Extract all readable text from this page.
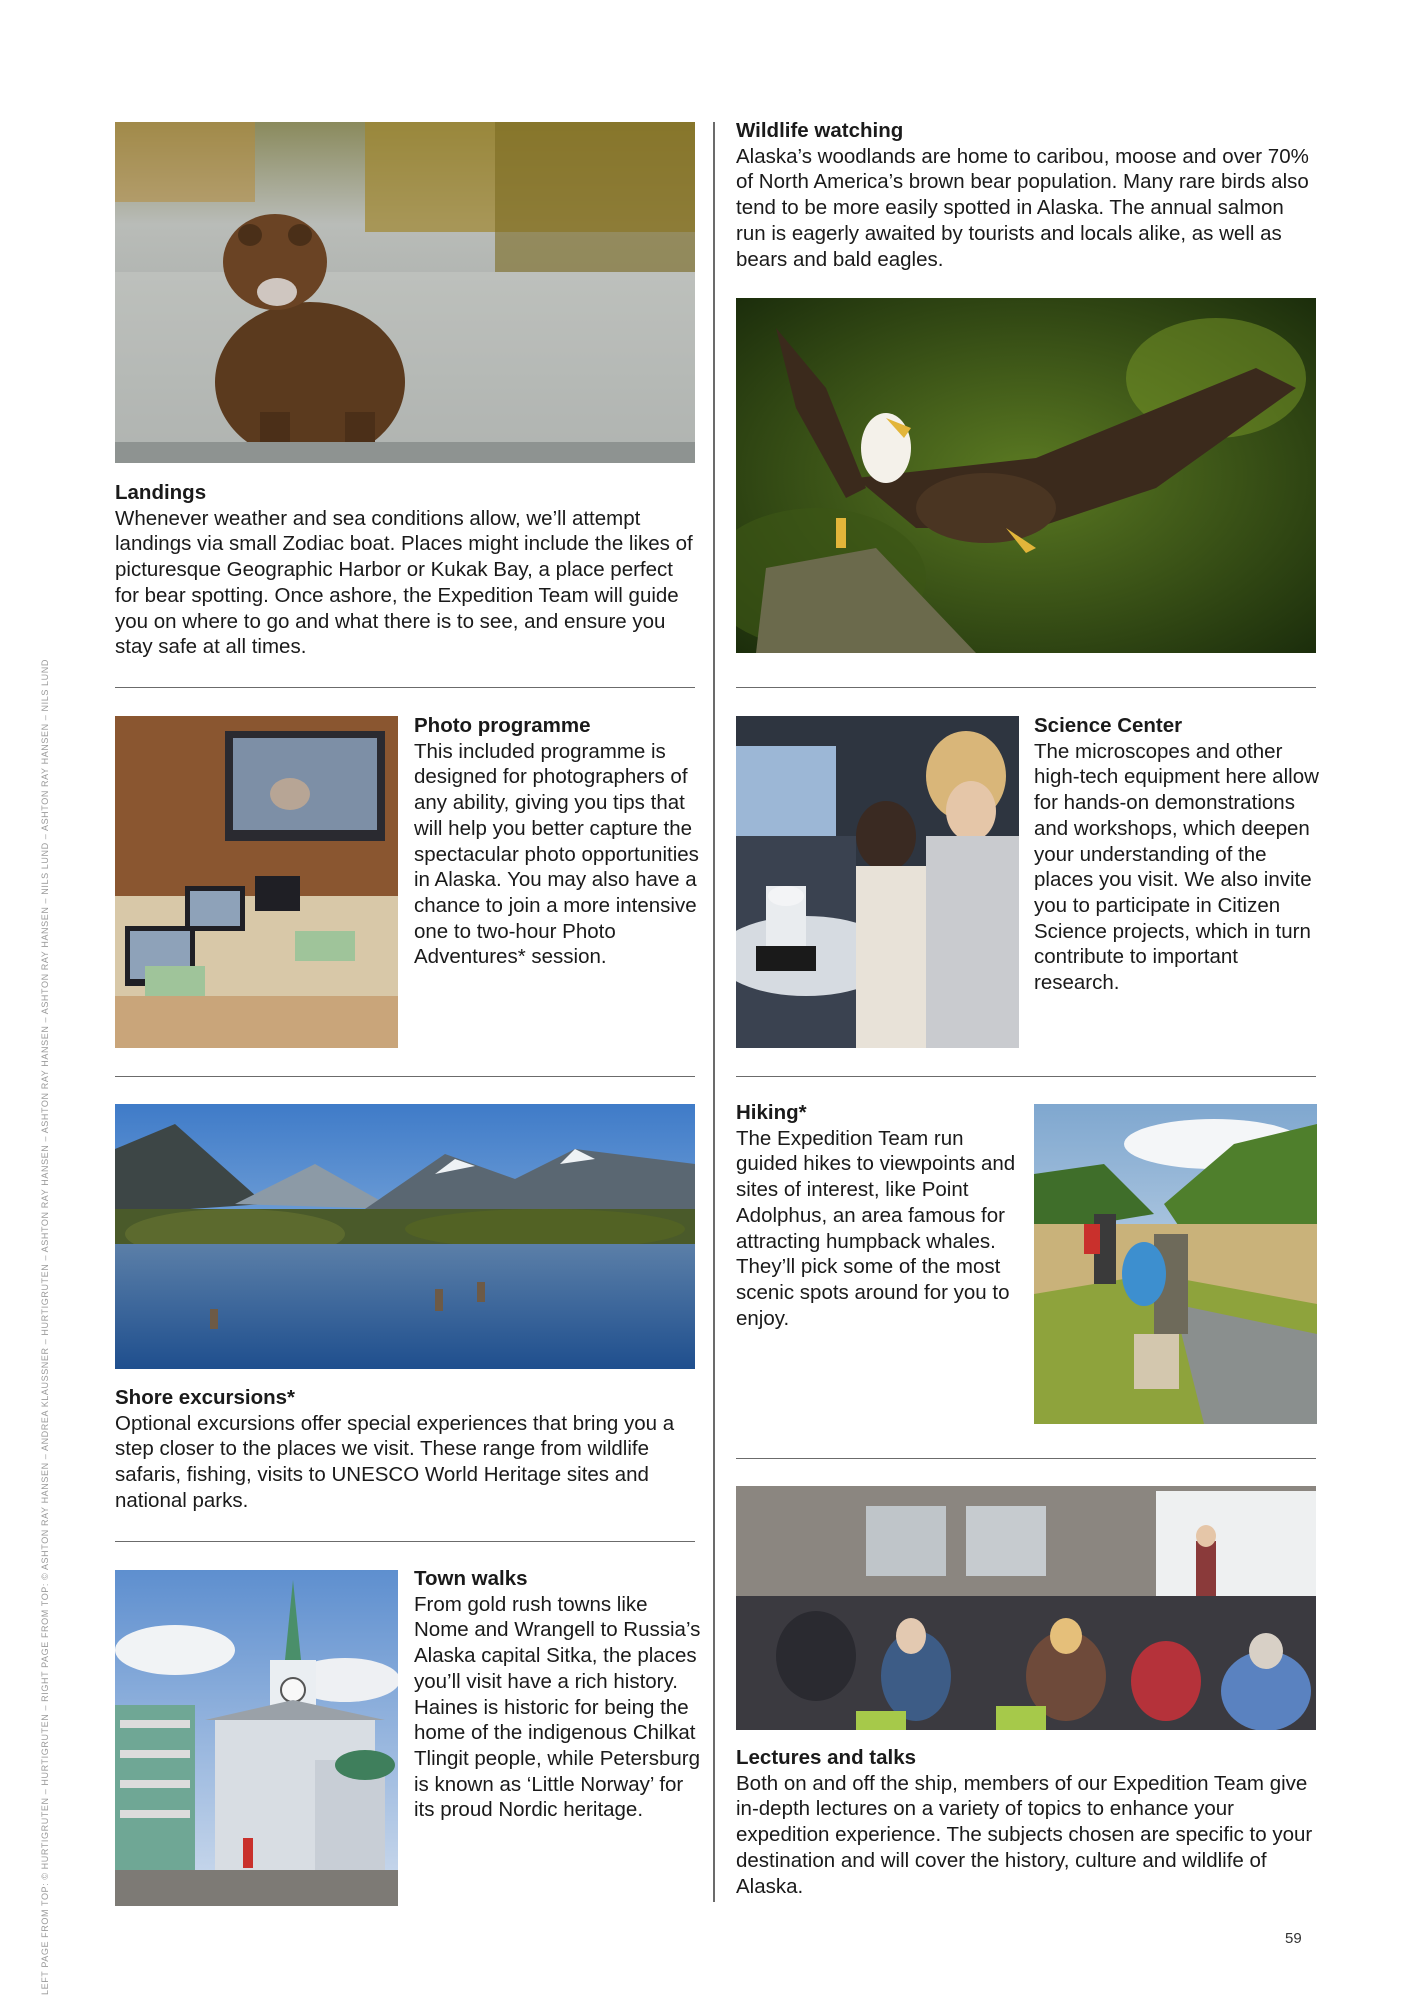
LEFT PAGE FROM TOP: © HURTIGRUTEN – HURTIGRUTEN – RIGHT PAGE FROM TOP: © ASHTON RAY HANSEN – ANDREA KLAUSSNER – HURTIGRUTEN – ASHTON RAY HANSEN – ASHTON RAY HANSEN – ASHTON RAY HANSEN – NILS LUND – ASHTON RAY HANSEN – NILS LUND
Landings

Whenever weather and sea conditions allow, we’ll attempt landings via small Zodiac boat. Places might include the likes of picturesque Geographic Harbor or Kukak Bay, a place perfect for bear spotting. Once ashore, the Expedition Team will guide you on where to go and what there is to see, and ensure you stay safe at all times.

Photo programme

This included programme is designed for photographers of any ability, giving you tips that will help you better capture the spectacular photo opportunities in Alaska. You may also have a chance to join a more intensive one to two-hour Photo Adventures* session.

Shore excursions*

Optional excursions offer special experiences that bring you a step closer to the places we visit. These range from wildlife safaris, fishing, visits to UNESCO World Heritage sites and national parks.

Town walks

From gold rush towns like Nome and Wrangell to Russia’s Alaska capital Sitka, the places you’ll visit have a rich history. Haines is historic for being the home of the indigenous Chilkat Tlingit people, while Petersburg is known as ‘Little Norway’ for its proud Nordic heritage.

Wildlife watching

Alaska’s woodlands are home to caribou, moose and over 70% of North America’s brown bear population. Many rare birds also tend to be more easily spotted in Alaska. The annual salmon run is eagerly awaited by tourists and locals alike, as well as bears and bald eagles.

Science Center

The microscopes and other high-tech equipment here allow for hands-on demonstrations and workshops, which deepen your understanding of the places you visit. We also invite you to participate in Citizen Science projects, which in turn contribute to important research.

Hiking*

The Expedition Team run guided hikes to viewpoints and sites of interest, like Point Adolphus, an area famous for attracting humpback whales. They’ll pick some of the most scenic spots around for you to enjoy.

Lectures and talks

Both on and off the ship, members of our Expedition Team give in-depth lectures on a variety of topics to enhance your expedition experience. The subjects chosen are specific to your destination and will cover the history, culture and wildlife of Alaska.

59
